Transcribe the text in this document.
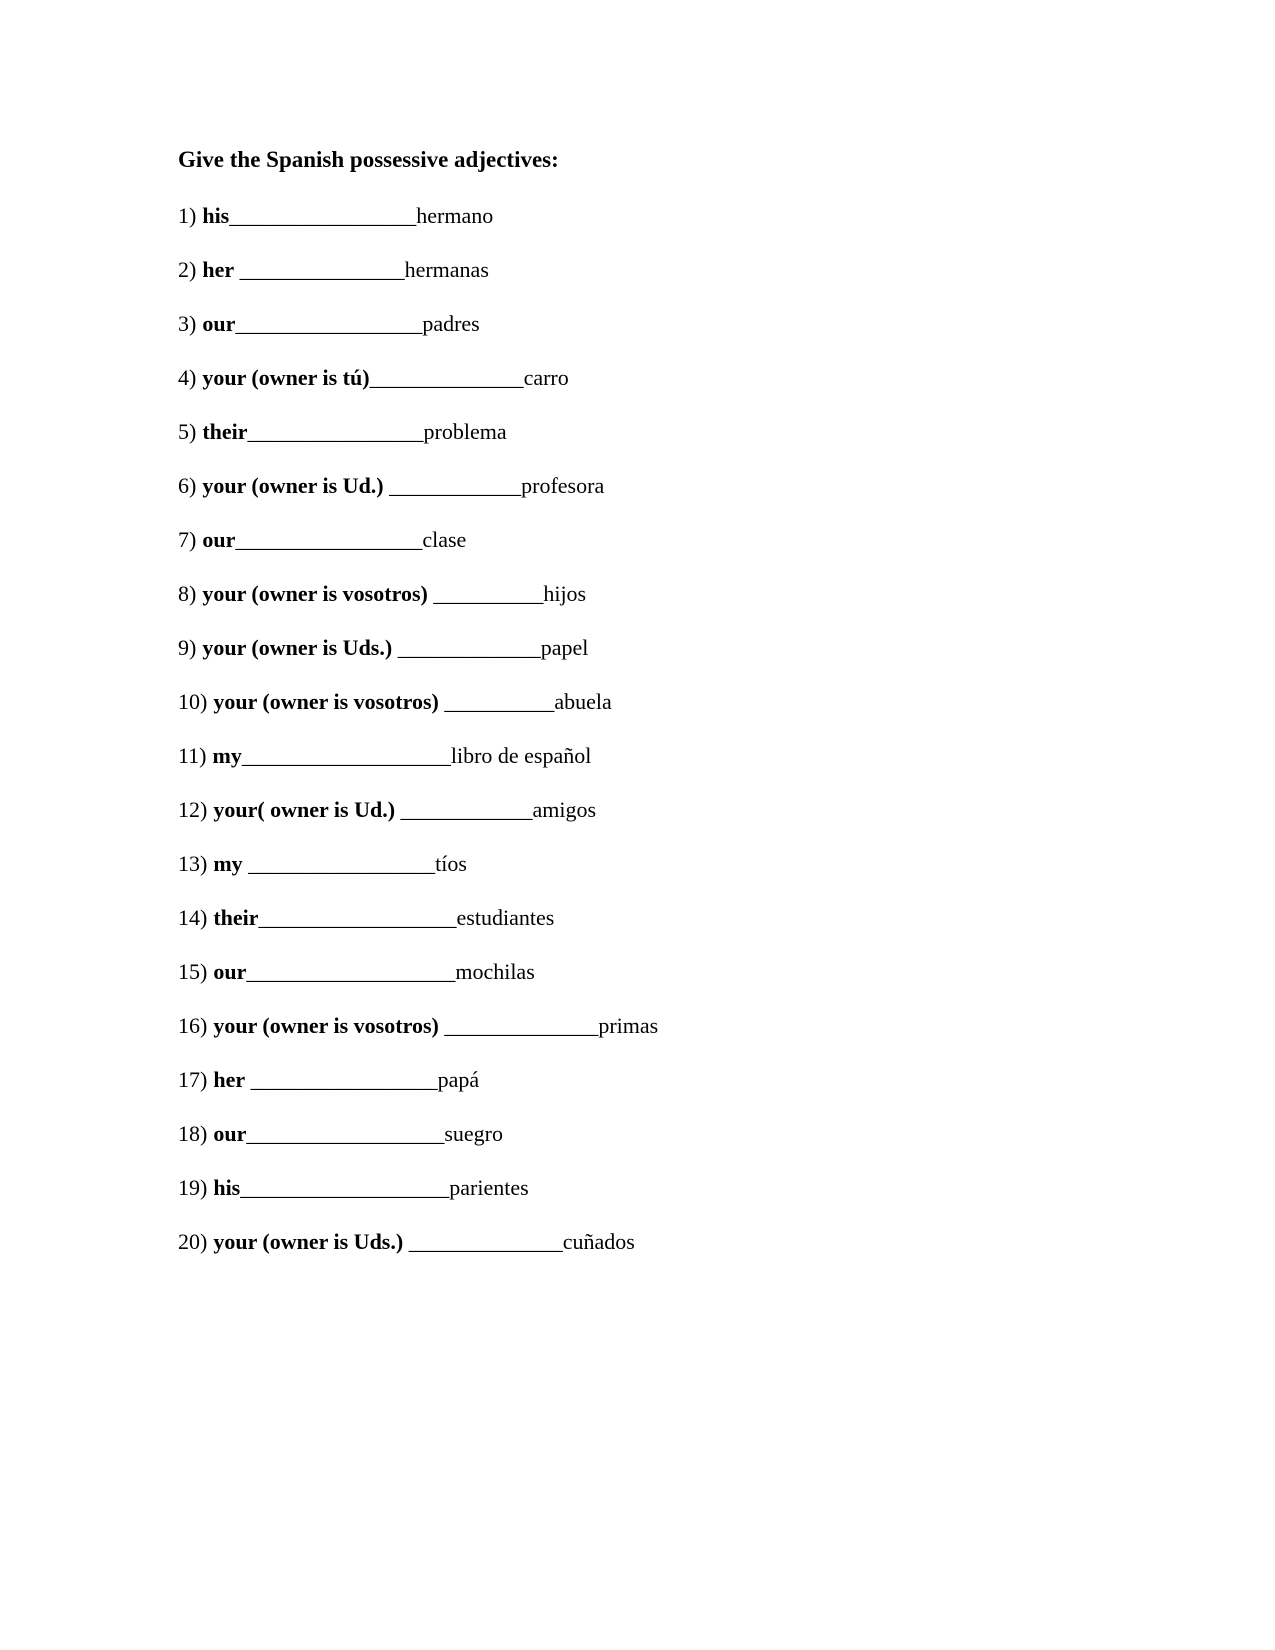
Give the Spanish possessive adjectives:
1) his_________________hermano
2) her _______________hermanas
3) our_________________padres
4) your (owner is tú)______________carro
5) their________________problema
6) your (owner is Ud.) ____________profesora
7) our_________________clase
8) your (owner is vosotros) __________hijos
9) your (owner is Uds.) _____________papel
10) your (owner is vosotros) __________abuela
11) my___________________libro de español
12) your( owner is Ud.) ____________amigos
13) my _________________tíos
14) their__________________estudiantes
15) our___________________mochilas
16) your (owner is vosotros) ______________primas
17) her _________________papá
18) our__________________suegro
19) his___________________parientes
20) your (owner is Uds.) ______________cuñados
